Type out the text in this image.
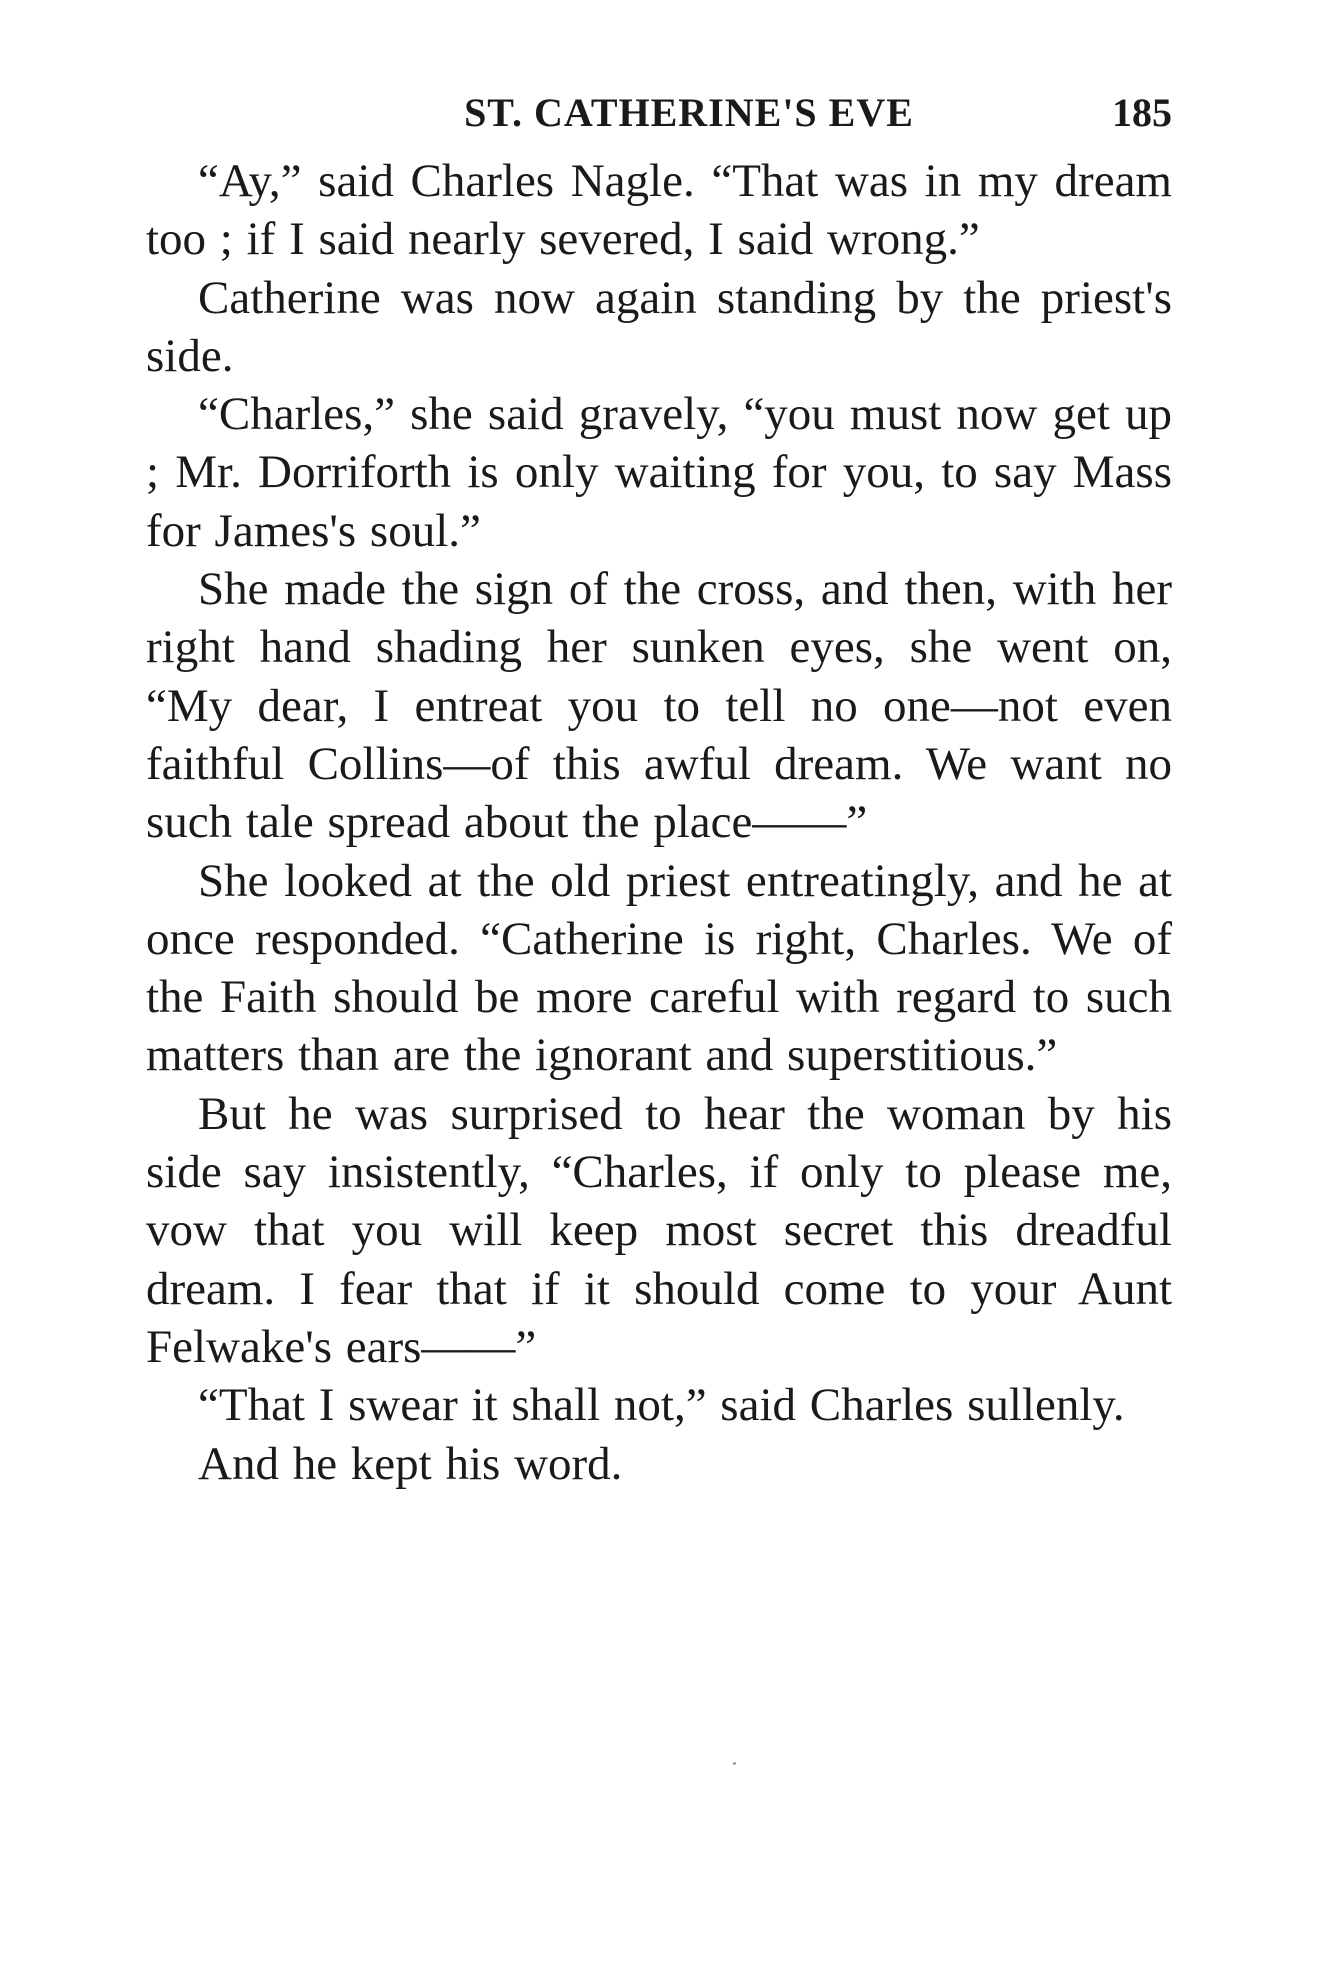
ST. CATHERINE'S EVE	185

“Ay,” said Charles Nagle. “That was in my dream too ; if I said nearly severed, I said wrong.”

Catherine was now again standing by the priest's side.

“Charles,” she said gravely, “you must now get up ; Mr. Dorriforth is only waiting for you, to say Mass for James's soul.”

She made the sign of the cross, and then, with her right hand shading her sunken eyes, she went on, “My dear, I entreat you to tell no one—not even faithful Collins—of this awful dream. We want no such tale spread about the place——”

She looked at the old priest entreatingly, and he at once responded. “Catherine is right, Charles. We of the Faith should be more careful with regard to such matters than are the ignorant and superstitious.”

But he was surprised to hear the woman by his side say insistently, “Charles, if only to please me, vow that you will keep most secret this dreadful dream. I fear that if it should come to your Aunt Felwake's ears——”

“That I swear it shall not,” said Charles sullenly.

And he kept his word.
